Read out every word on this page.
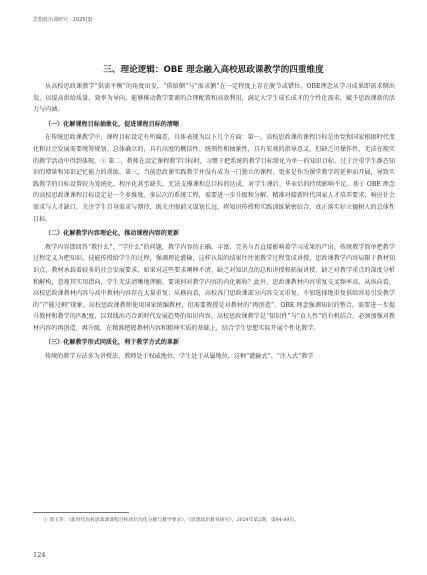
思想政治课研究 · 2025(3)
三、理论逻辑：OBE 理念融入高校思政课教学的四重维度

从高校思政课教学“供需平衡”的角度出发，“供给侧”与“需求侧”在一定程度上存在脱节或错位。OBE理念从学习成果即需求侧出发，以提高供给质量、效率为导向，能够推动教学要素的合理配置和高效利用，满足大学生成长成才的个性化需求，赋予思政课新的活力与内涵。

（一）化解课程目标抽象化，促进课程目标的清晰

在传统思政课教学中，课程目标设定有所偏差，具体表现为以下几个方面：第一，高校思政课的课程目标是由党和国家根据时代变化和社会发展需要统筹规划、总体确立的，具有高度的概括性、统领性和抽象性，具有宏观的指导意义，但缺乏可操作性，无法在现实的教学活动中得到体现。① 第二，教师在设定课程教学目标时，习惯于把系统的教学目标简化为单一的知识目标，过于注重学生静态知识的增量和知识记忆能力的训练。第三，当前思政课实践教学并没有成为一门独立的课程，更多是作为课堂教学的延伸而开展，导致实践教学的目标设置较为笼统化、程序化甚至缺失，无法支撑课程总目标的达成，对学生课后、毕业后的持续影响不足。基于 OBE 理念的高校思政课课程目标设定是一个多维度、多层次的系统工程，需要进一步升级和分解，精准对接新时代国家人才培养要求，响应社会需求与人才缺口，关注学生自身需求与期待，既关注眼前又谋划长远，将知识传授和实践训练紧密结合，真正落实好立德树人的总体性目标。

（二）化解教学内容理论化，推动课程内容的更新

教学内容即回答“教什么”、“学什么”的问题，教学内容的正确、丰富、完善与否直接影响着学习成果的产出。传统教学简单把教学过程定义为把知识、技能传授给学生的过程，强调理论灌输，这样认知的结果往往使教学过程变成讲授，思政课教学内容局限于教材知识点，教材承载着较多的社会发展要求，如果对这些要求阐释不清，缺乏对知识点的总和讲授和拓展讲授，缺乏对教学重点的深度分析和解构，忽视其实用指向，学生无法清晰地理解，要谈何对教学内容的内化吸收？此外，思政课教材内容重复交叉频率高，从纵向看，高校思政课教材内容与高中教材内容存在大量重复；从横向看，高校各门思政课部分内容交叉重复。不加选择地重复供给容易引发教学的“产能过剩”现象。高校思政课教师使用国家统编教材，但需要教授是对教材的“再创造”。OBE 理念强调知识的整合，需要进一步提升教材和教学的匹配度，以双线出巧合新时代发展趋势的知识内容。高校思政课教学是“知识性”与“育人性”的有机结合，必须加强对教材内容的再创造、再升级，在精准把握教材内容和精神实质的基础上，结合学生思想实际开展个性化教学。

（三）化解教学形式同质化，利于教学方式的革新

传统的教学方法多为讲授法，教师处于权威地位，学生处于从属地位，这种“灌输式”、“注入式”教学

① 郭玉华：《新时代高校思政课课程目标的层次化分解与教学要求》，《思想政治教育研究》，2024年第2期，第84-89页。
124
